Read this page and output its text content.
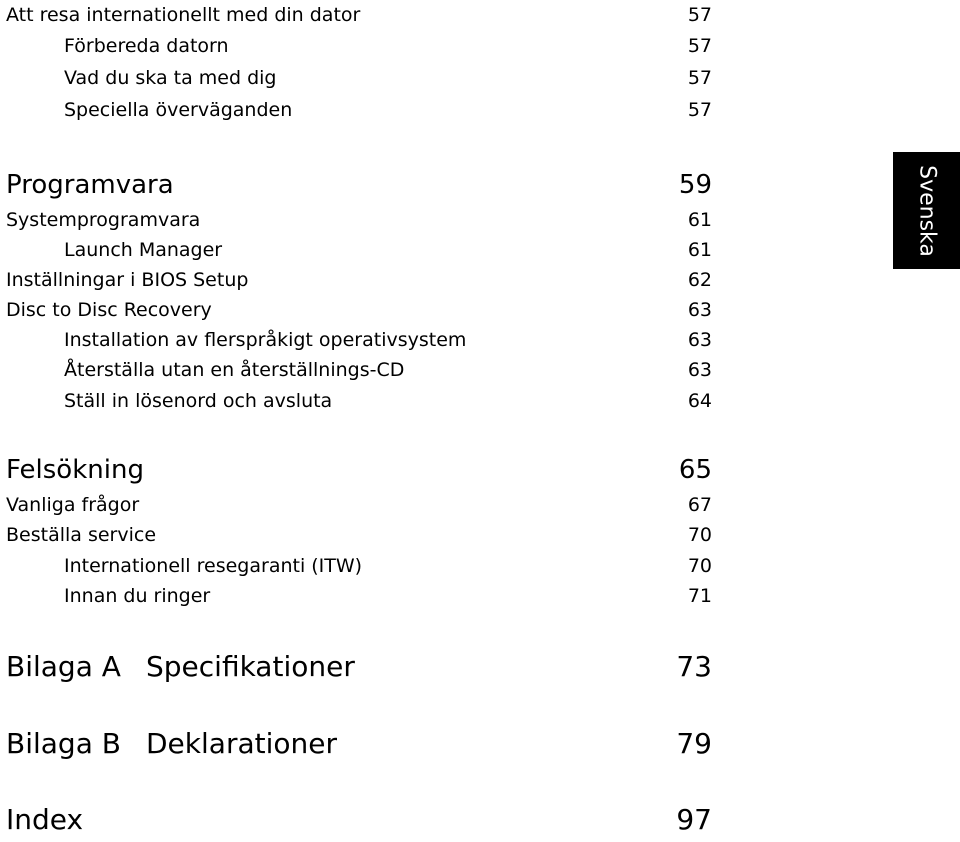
Att resa internationellt med din dator	57
Förbereda datorn	57
Vad du ska ta med dig	57
Speciella överväganden	57
Programvara	59
Systemprogramvara	61
Launch Manager	61
Inställningar i BIOS Setup	62
Disc to Disc Recovery	63
Installation av flerspråkigt operativsystem	63
Återställa utan en återställnings-CD	63
Ställ in lösenord och avsluta	64
Felsökning	65
Vanliga frågor	67
Beställa service	70
Internationell resegaranti (ITW)	70
Innan du ringer	71
Bilaga A Specifikationer	73
Bilaga B Deklarationer	79
Index	97
Svenska
